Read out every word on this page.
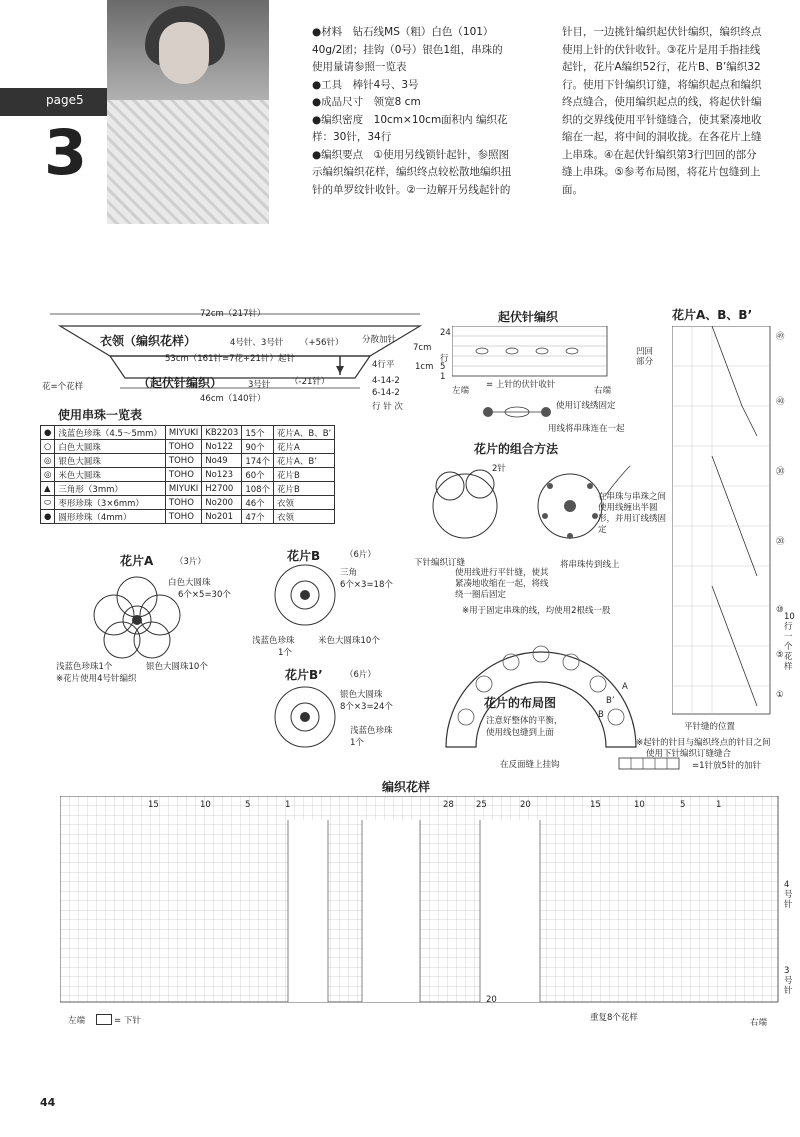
page5
3
●材料　钻石线MS（粗）白色（101）
40g/2团；挂钩（0号）银色1组，串珠的
使用量请参照一览表
●工具　棒针4号、3号
●成品尺寸　领宽8 cm
●编织密度　10cm×10cm面积内 编织花
样：30针，34行
●编织要点　①使用另线锁针起针，参照图
示编织编织花样，编织终点较松散地编织扭
针的单罗纹针收针。②一边解开另线起针的
针目，一边挑针编织起伏针编织，编织终点
使用上针的伏针收针。③花片是用手指挂线
起针，花片A编织52行，花片B、B’编织32
行。使用下针编织订缝，将编织起点和编织
终点缝合，使用编织起点的线，将起伏针编
织的交界线使用平针缝缝合，使其紧凑地收
缩在一起，将中间的洞收拢。在各花片上缝
上串珠。④在起伏针编织第3行凹回的部分
缝上串珠。⑤参考布局图，将花片包缝到上
面。
72cm（217针）
衣领（编织花样）	4号针、3号针 （+56针） 分散加针
53cm（161针=7花+21针）起针
7cm
4行平 1cm
（起伏针编织）	3号针 （-21针）	4-14-2
6-14-2
行 针 次
46cm（140针）
花=个花样
起伏针编织
24
行
5
1
凹回部分
左端
= 上针的伏针收针
右端
使用订线绣固定
用线将串珠连在一起
使用串珠一览表
●	浅蓝色珍珠（4.5～5mm）	MIYUKI	KB2203	15个	花片A、B、B’
○	白色大圆珠	TOHO	No122	90个	花片A
◎	银色大圆珠	TOHO	No49	174个	花片A、B’
◎	米色大圆珠	TOHO	No123	60个	花片B
▲	三角形（3mm）	MIYUKI	H2700	108个	花片B
⬭	枣形珍珠（3×6mm）	TOHO	No200	46个	衣领
●	圆形珍珠（4mm）	TOHO	No201	47个	衣领
花片的组合方法
2针
下针编织订缝
使用线进行平针缝，使其紧凑地收缩在一起，将线绕一圈后固定
将串珠传到线上
在串珠与串珠之间使用线缠出半圆形，并用订线绣固定
※用于固定串珠的线，均使用2根线一股
花片A	（3片）
白色大圆珠
6个×5=30个
浅蓝色珍珠1个	银色大圆珠10个
※花片使用4号针编织
花片B	（6片）
三角
6个×3=18个
浅蓝色珍珠
1个
米色大圆珠10个
花片B’	（6片）
银色大圆珠
8个×3=24个
浅蓝色珍珠
1个
花片的布局图
注意好整体的平衡，
使用线包缝到上面
在反面缝上挂钩
A
B
B’
花片A、B、B’
㊾
㊵
㉚
⑳
⑩
⑤
①
10行一个花样
平针缝的位置
※起针的针目与编织终点的针目之间
使用下针编织订缝缝合
=1针放5针的加针
编织花样
15	10	5	1	28	25	20	15	10	5	1
4号针
3号针
20
左端	= 下针	重复8个花样	右端
44
